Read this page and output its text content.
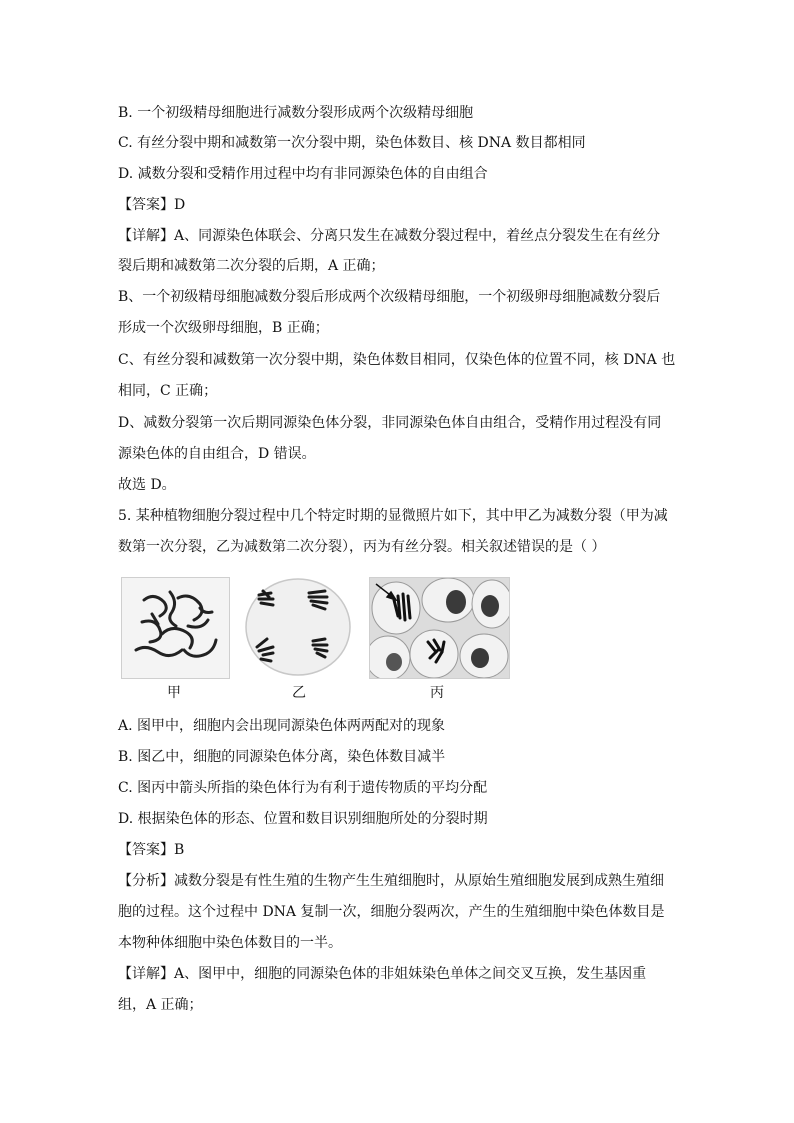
B. 一个初级精母细胞进行减数分裂形成两个次级精母细胞
C. 有丝分裂中期和减数第一次分裂中期，染色体数目、核 DNA 数目都相同
D. 减数分裂和受精作用过程中均有非同源染色体的自由组合
【答案】D
【详解】A、同源染色体联会、分离只发生在减数分裂过程中，着丝点分裂发生在有丝分
裂后期和减数第二次分裂的后期，A 正确；
B、一个初级精母细胞减数分裂后形成两个次级精母细胞，一个初级卵母细胞减数分裂后
形成一个次级卵母细胞，B 正确；
C、有丝分裂和减数第一次分裂中期，染色体数目相同，仅染色体的位置不同，核 DNA 也
相同，C 正确；
D、减数分裂第一次后期同源染色体分裂，非同源染色体自由组合，受精作用过程没有同
源染色体的自由组合，D 错误。
故选 D。
5. 某种植物细胞分裂过程中几个特定时期的显微照片如下，其中甲乙为减数分裂（甲为减
数第一次分裂，乙为减数第二次分裂），丙为有丝分裂。相关叙述错误的是（ ）
甲	乙	丙
A. 图甲中，细胞内会出现同源染色体两两配对的现象
B. 图乙中，细胞的同源染色体分离，染色体数目减半
C. 图丙中箭头所指的染色体行为有利于遗传物质的平均分配
D. 根据染色体的形态、位置和数目识别细胞所处的分裂时期
【答案】B
【分析】减数分裂是有性生殖的生物产生生殖细胞时，从原始生殖细胞发展到成熟生殖细
胞的过程。这个过程中 DNA 复制一次，细胞分裂两次，产生的生殖细胞中染色体数目是
本物种体细胞中染色体数目的一半。
【详解】A、图甲中，细胞的同源染色体的非姐妹染色单体之间交叉互换，发生基因重
组，A 正确；
